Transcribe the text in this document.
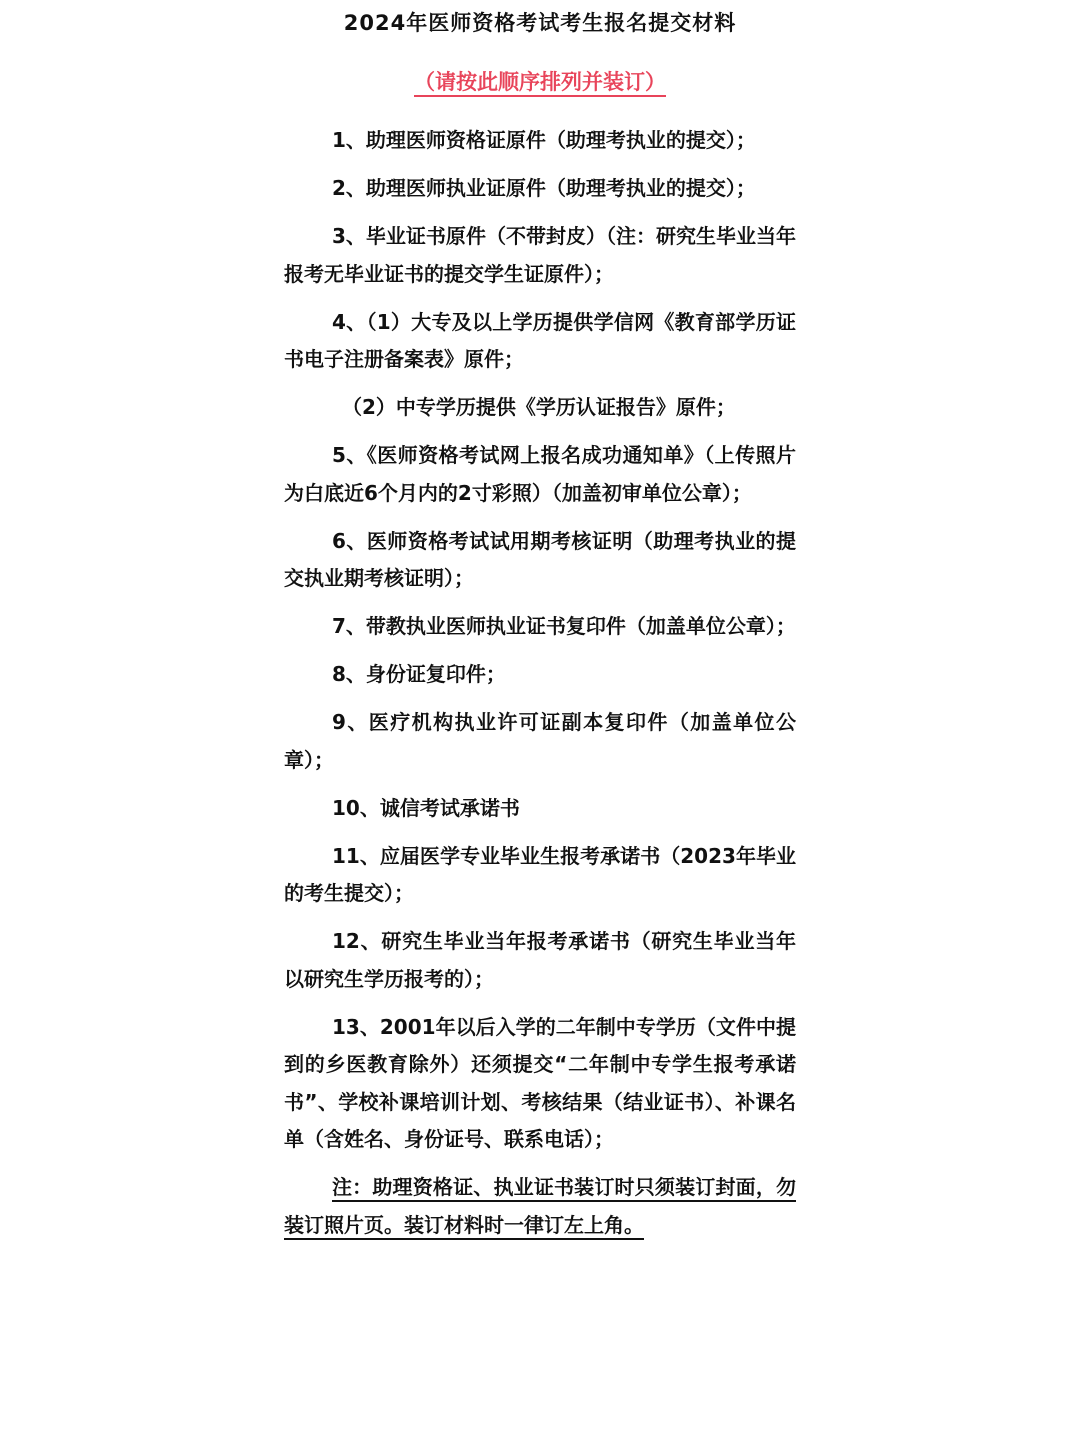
2024年医师资格考试考生报名提交材料
（请按此顺序排列并装订）

1、助理医师资格证原件（助理考执业的提交）；

2、助理医师执业证原件（助理考执业的提交）；

3、毕业证书原件（不带封皮）（注：研究生毕业当年报考无毕业证书的提交学生证原件）；

4、（1）大专及以上学历提供学信网《教育部学历证书电子注册备案表》原件；

（2）中专学历提供《学历认证报告》原件；

5、《医师资格考试网上报名成功通知单》（上传照片为白底近6个月内的2寸彩照）（加盖初审单位公章）；

6、医师资格考试试用期考核证明（助理考执业的提交执业期考核证明）；

7、带教执业医师执业证书复印件（加盖单位公章）；

8、身份证复印件；

9、医疗机构执业许可证副本复印件（加盖单位公章）；

10、诚信考试承诺书

11、应届医学专业毕业生报考承诺书（2023年毕业的考生提交）；

12、研究生毕业当年报考承诺书（研究生毕业当年以研究生学历报考的）；

13、2001年以后入学的二年制中专学历（文件中提到的乡医教育除外）还须提交“二年制中专学生报考承诺书”、学校补课培训计划、考核结果（结业证书）、补课名单（含姓名、身份证号、联系电话）；

注：助理资格证、执业证书装订时只须装订封面，勿装订照片页。装订材料时一律订左上角。
